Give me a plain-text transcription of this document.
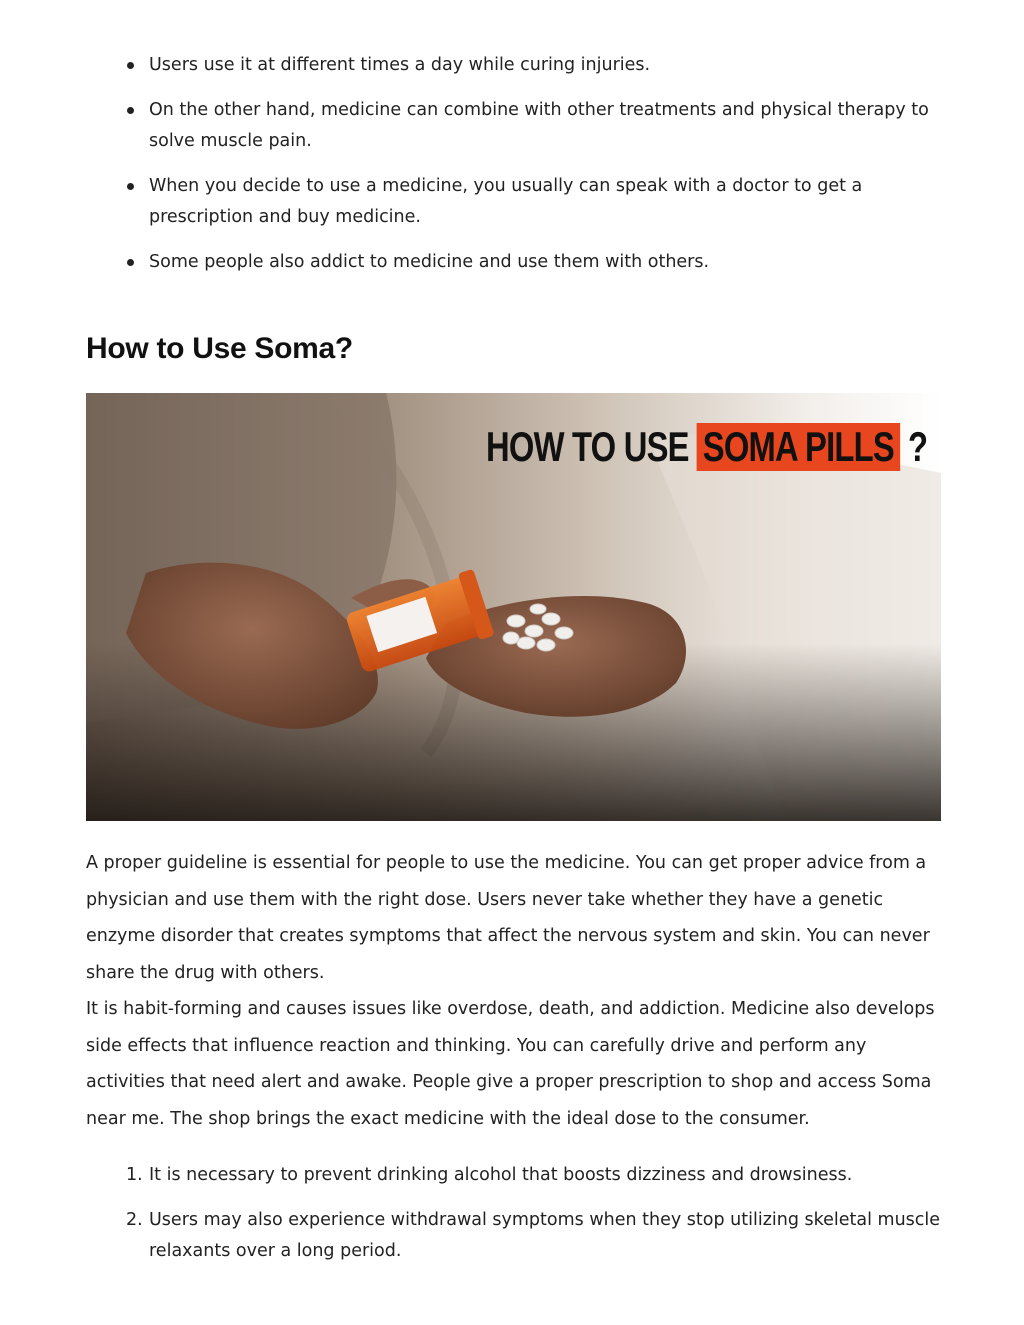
Users use it at different times a day while curing injuries.
On the other hand, medicine can combine with other treatments and physical therapy to solve muscle pain.
When you decide to use a medicine, you usually can speak with a doctor to get a prescription and buy medicine.
Some people also addict to medicine and use them with others.
How to Use Soma?
HOW TO USE SOMA PILLS ?
A proper guideline is essential for people to use the medicine. You can get proper advice from a physician and use them with the right dose. Users never take whether they have a genetic enzyme disorder that creates symptoms that affect the nervous system and skin. You can never share the drug with others.
It is habit-forming and causes issues like overdose, death, and addiction. Medicine also develops side effects that influence reaction and thinking. You can carefully drive and perform any activities that need alert and awake. People give a proper prescription to shop and access Soma near me. The shop brings the exact medicine with the ideal dose to the consumer.
1. It is necessary to prevent drinking alcohol that boosts dizziness and drowsiness.
2. Users may also experience withdrawal symptoms when they stop utilizing skeletal muscle relaxants over a long period.
